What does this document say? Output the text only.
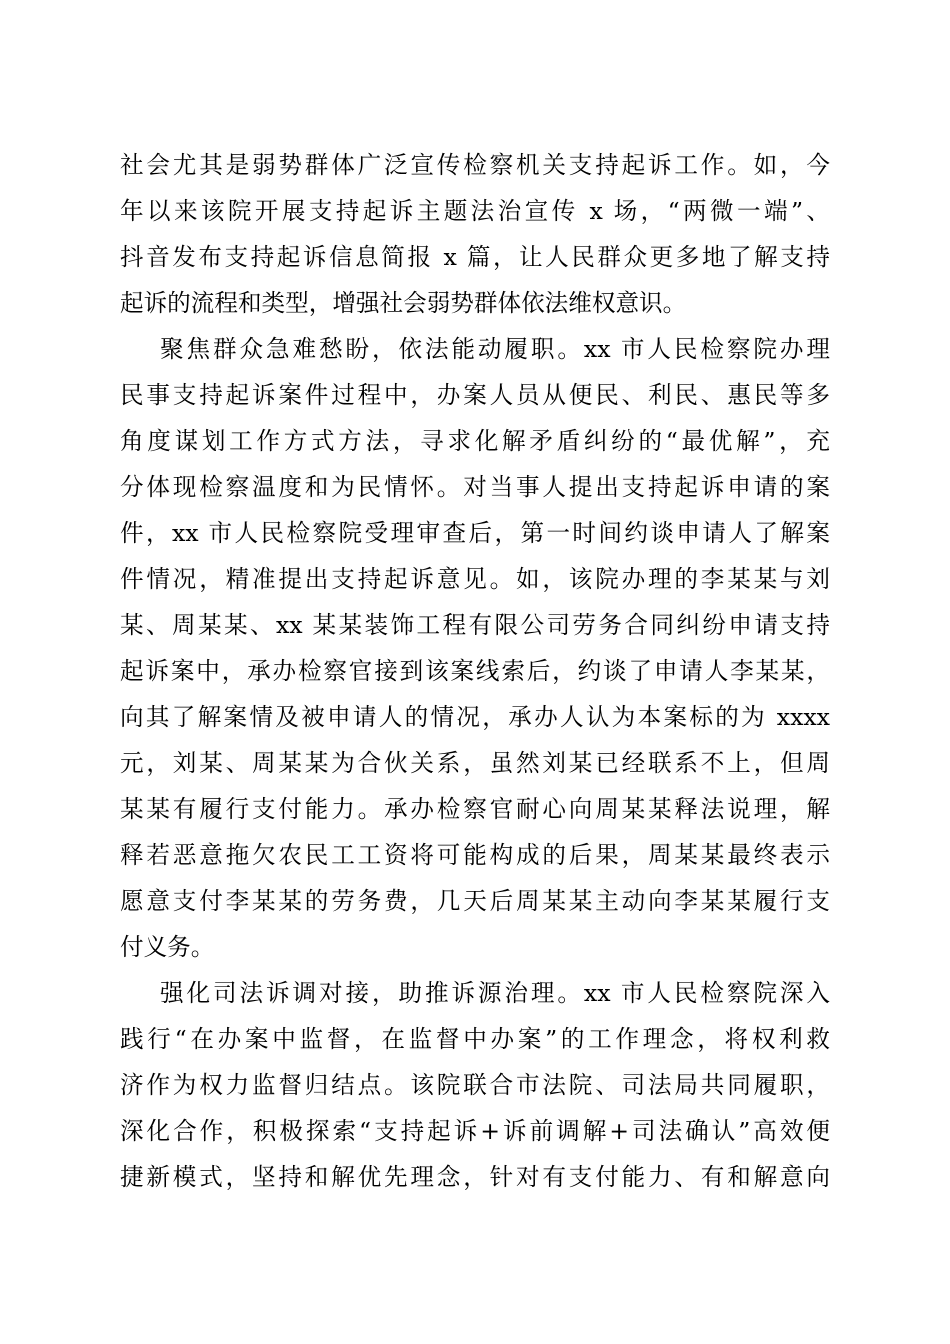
社会尤其是弱势群体广泛宣传检察机关支持起诉工作。如，今
年以来该院开展支持起诉主题法治宣传 x 场，“两微一端”、
抖音发布支持起诉信息简报 x 篇，让人民群众更多地了解支持
起诉的流程和类型，增强社会弱势群体依法维权意识。
聚焦群众急难愁盼，依法能动履职。xx 市人民检察院办理
民事支持起诉案件过程中，办案人员从便民、利民、惠民等多
角度谋划工作方式方法，寻求化解矛盾纠纷的“最优解”，充
分体现检察温度和为民情怀。对当事人提出支持起诉申请的案
件，xx 市人民检察院受理审查后，第一时间约谈申请人了解案
件情况，精准提出支持起诉意见。如，该院办理的李某某与刘
某、周某某、xx 某某装饰工程有限公司劳务合同纠纷申请支持
起诉案中，承办检察官接到该案线索后，约谈了申请人李某某，
向其了解案情及被申请人的情况，承办人认为本案标的为 xxxx
元，刘某、周某某为合伙关系，虽然刘某已经联系不上，但周
某某有履行支付能力。承办检察官耐心向周某某释法说理，解
释若恶意拖欠农民工工资将可能构成的后果，周某某最终表示
愿意支付李某某的劳务费，几天后周某某主动向李某某履行支
付义务。
强化司法诉调对接，助推诉源治理。xx 市人民检察院深入
践行“在办案中监督，在监督中办案”的工作理念，将权利救
济作为权力监督归结点。该院联合市法院、司法局共同履职，
深化合作，积极探索“支持起诉+诉前调解+司法确认”高效便
捷新模式，坚持和解优先理念，针对有支付能力、有和解意向
